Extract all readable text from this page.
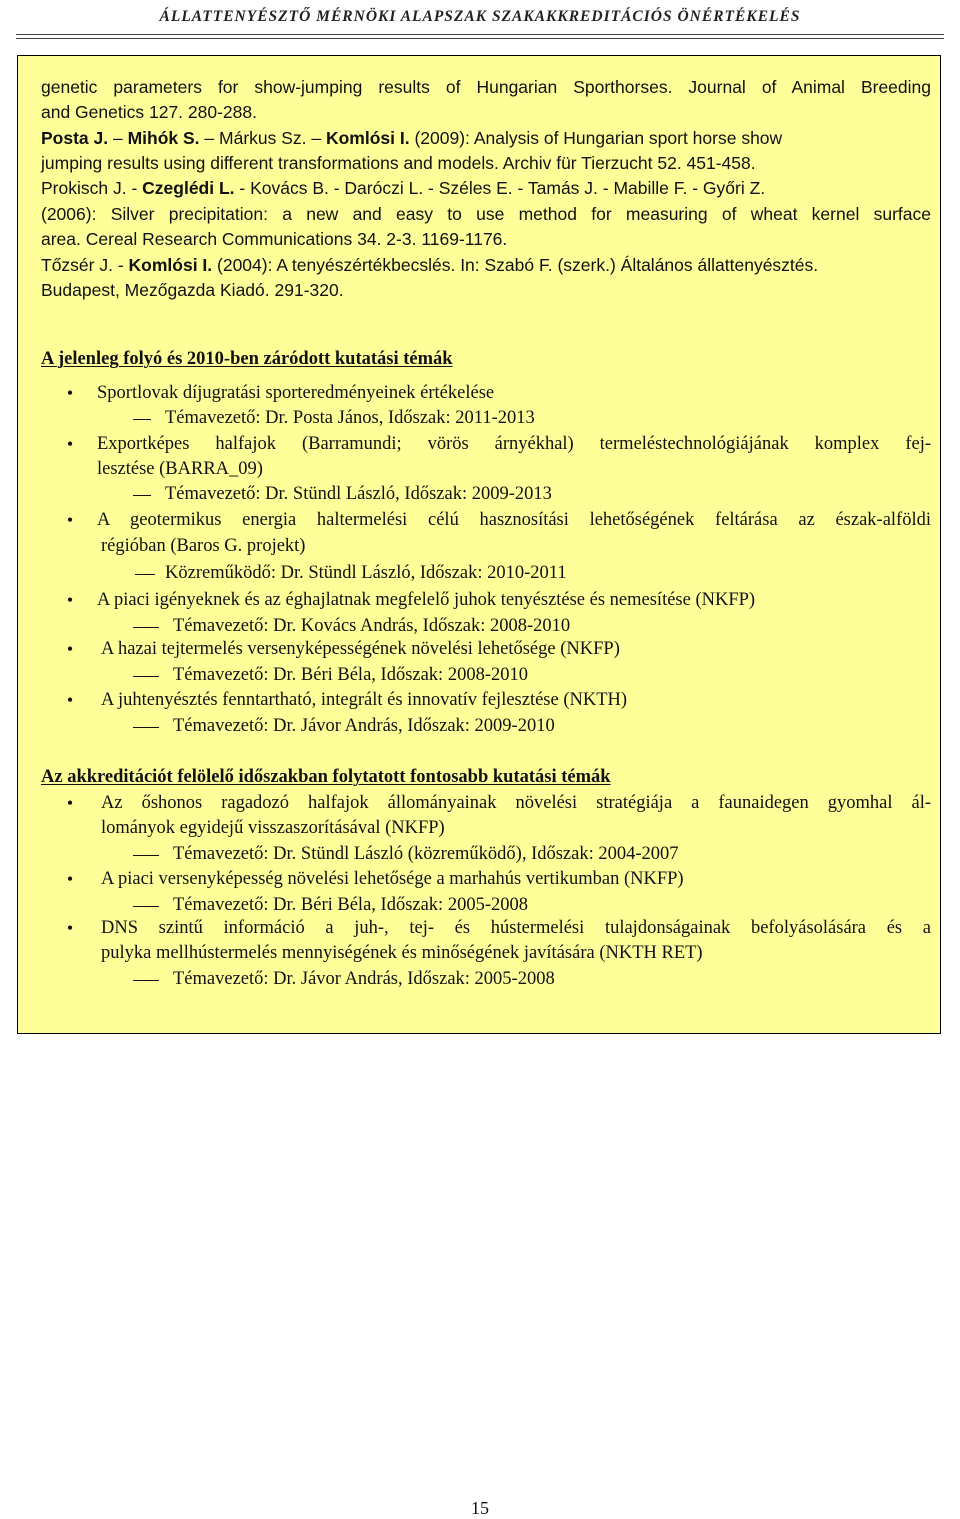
ÁLLATTENYÉSZTŐ MÉRNÖKI ALAPSZAK SZAKAKKREDITÁCIÓS ÖNÉRTÉKELÉS
genetic parameters for show-jumping results of Hungarian Sporthorses. Journal of Animal Breeding
and Genetics 127. 280-288.
Posta J. – Mihók S. – Márkus Sz. – Komlósi I. (2009): Analysis of Hungarian sport horse show
jumping results using different transformations and models. Archiv für Tierzucht 52. 451-458.
Prokisch J. - Czeglédi L. - Kovács B. - Daróczi L. - Széles E. - Tamás J. - Mabille F. - Győri Z.
(2006): Silver precipitation: a new and easy to use method for measuring of wheat kernel surface
area. Cereal Research Communications 34. 2-3. 1169-1176.
Tőzsér J. - Komlósi I. (2004): A tenyészértékbecslés. In: Szabó F. (szerk.) Általános állattenyésztés.
Budapest, Mezőgazda Kiadó. 291-320.
A jelenleg folyó és 2010-ben záródott kutatási témák
•	Sportlovak díjugratási sporteredményeinek értékelése
Témavezető: Dr. Posta János, Időszak: 2011-2013
•	Exportképes halfajok (Barramundi; vörös árnyékhal) termeléstechnológiájának komplex fej-
lesztése (BARRA_09)
Témavezető: Dr. Stündl László, Időszak: 2009-2013
•	A geotermikus energia haltermelési célú hasznosítási lehetőségének feltárása az észak-alföldi
régióban (Baros G. projekt)
Közreműködő: Dr. Stündl László, Időszak: 2010-2011
•	A piaci igényeknek és az éghajlatnak megfelelő juhok tenyésztése és nemesítése (NKFP)
Témavezető: Dr. Kovács András, Időszak: 2008-2010
•	A hazai tejtermelés versenyképességének növelési lehetősége (NKFP)
Témavezető: Dr. Béri Béla, Időszak: 2008-2010
•	A juhtenyésztés fenntartható, integrált és innovatív fejlesztése (NKTH)
Témavezető: Dr. Jávor András, Időszak: 2009-2010
Az akkreditációt felölelő időszakban folytatott fontosabb kutatási témák
•	Az őshonos ragadozó halfajok állományainak növelési stratégiája a faunaidegen gyomhal ál-
lományok egyidejű visszaszorításával (NKFP)
Témavezető: Dr. Stündl László (közreműködő), Időszak: 2004-2007
•	A piaci versenyképesség növelési lehetősége a marhahús vertikumban (NKFP)
Témavezető: Dr. Béri Béla, Időszak: 2005-2008
•	DNS szintű információ a juh-, tej- és hústermelési tulajdonságainak befolyásolására és a
pulyka mellhústermelés mennyiségének és minőségének javítására (NKTH RET)
Témavezető: Dr. Jávor András, Időszak: 2005-2008
15
